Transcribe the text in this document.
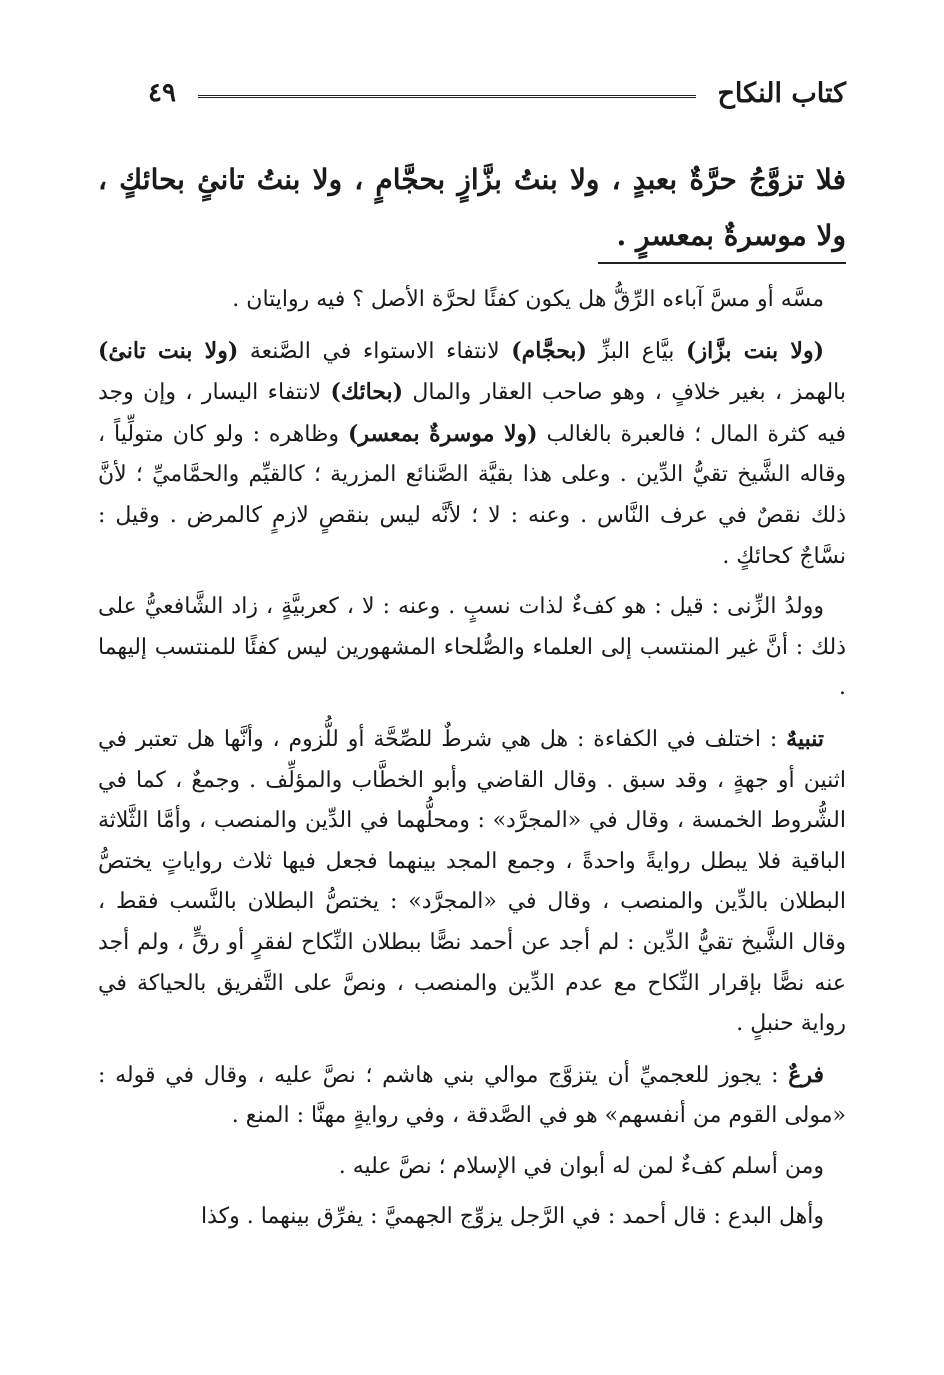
كتاب النكاح
٤٩
فلا تزوَّجُ حرَّةٌ بعبدٍ ، ولا بنتُ بزَّازٍ بحجَّامٍ ، ولا بنتُ تانئٍ بحائكٍ ، ولا موسرةٌ بمعسرٍ .

مسَّه أو مسَّ آباءه الرِّقُّ هل يكون كفئًا لحرَّة الأصل ؟ فيه روايتان .

(ولا بنت بزَّاز) بيَّاع البزِّ (بحجَّام) لانتفاء الاستواء في الصَّنعة (ولا بنت تانئ) بالهمز ، بغير خلافٍ ، وهو صاحب العقار والمال (بحائك) لانتفاء اليسار ، وإن وجد فيه كثرة المال ؛ فالعبرة بالغالب (ولا موسرةٌ بمعسر) وظاهره : ولو كان متولِّياً ، وقاله الشَّيخ تقيُّ الدِّين . وعلى هذا بقيَّة الصَّنائع المزرية ؛ كالقيِّم والحمَّاميِّ ؛ لأنَّ ذلك نقصٌ في عرف النَّاس . وعنه : لا ؛ لأنَّه ليس بنقصٍ لازمٍ كالمرض . وقيل : نسَّاجٌ كحائكٍ .

وولدُ الزِّنى : قيل : هو كفءٌ لذات نسبٍ . وعنه : لا ، كعربيَّةٍ ، زاد الشَّافعيُّ على ذلك : أنَّ غير المنتسب إلى العلماء والصُّلحاء المشهورين ليس كفئًا للمنتسب إليهما .

تنبيهٌ : اختلف في الكفاءة : هل هي شرطٌ للصِّحَّة أو للُّزوم ، وأنَّها هل تعتبر في اثنين أو جهةٍ ، وقد سبق . وقال القاضي وأبو الخطَّاب والمؤلِّف . وجمعٌ ، كما في الشُّروط الخمسة ، وقال في «المجرَّد» : ومحلُّهما في الدِّين والمنصب ، وأمَّا الثَّلاثة الباقية فلا يبطل روايةً واحدةً ، وجمع المجد بينهما فجعل فيها ثلاث رواياتٍ يختصُّ البطلان بالدِّين والمنصب ، وقال في «المجرَّد» : يختصُّ البطلان بالنَّسب فقط ، وقال الشَّيخ تقيُّ الدِّين : لم أجد عن أحمد نصًّا ببطلان النِّكاح لفقرٍ أو رقٍّ ، ولم أجد عنه نصًّا بإقرار النِّكاح مع عدم الدِّين والمنصب ، ونصَّ على التَّفريق بالحياكة في رواية حنبلٍ .

فرعٌ : يجوز للعجميِّ أن يتزوَّج موالي بني هاشم ؛ نصَّ عليه ، وقال في قوله : «مولى القوم من أنفسهم» هو في الصَّدقة ، وفي روايةٍ مهنَّا : المنع .

ومن أسلم كفءٌ لمن له أبوان في الإسلام ؛ نصَّ عليه .

وأهل البدع : قال أحمد : في الرَّجل يزوِّج الجهميَّ : يفرِّق بينهما . وكذا
